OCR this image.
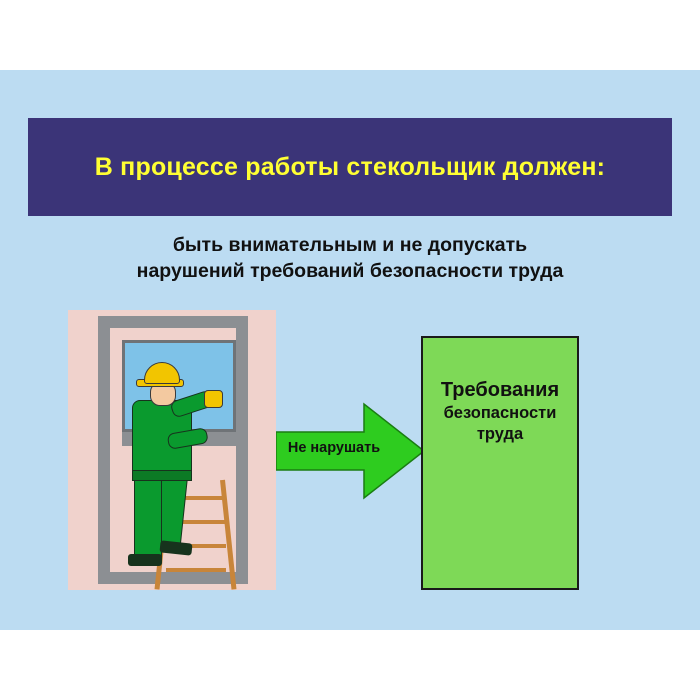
В процессе работы стекольщик должен:
быть внимательным и не допускать
нарушений требований безопасности труда
Не нарушать
Требования
безопасности
труда
